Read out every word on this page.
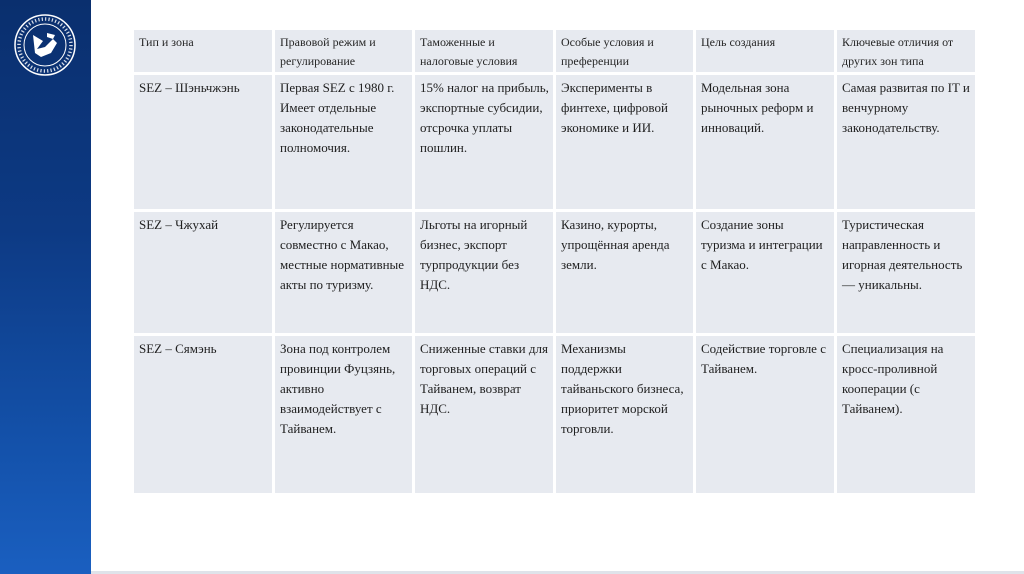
Тип и зона	Правовой режим и регулирование	Таможенные и налоговые условия	Особые условия и преференции	Цель создания	Ключевые отличия от других зон типа
SEZ – Шэньчжэнь	Первая SEZ с 1980 г. Имеет отдельные законодательные полномочия.	15% налог на прибыль, экспортные субсидии, отсрочка уплаты пошлин.	Эксперименты в финтехе, цифровой экономике и ИИ.	Модельная зона рыночных реформ и инноваций.	Самая развитая по IT и венчурному законодательству.
SEZ – Чжухай	Регулируется совместно с Макао, местные нормативные акты по туризму.	Льготы на игорный бизнес, экспорт турпродукции без НДС.	Казино, курорты, упрощённая аренда земли.	Создание зоны туризма и интеграции с Макао.	Туристическая направленность и игорная деятельность — уникальны.
SEZ – Сямэнь	Зона под контролем провинции Фуцзянь, активно взаимодействует с Тайванем.	Сниженные ставки для торговых операций с Тайванем, возврат НДС.	Механизмы поддержки тайваньского бизнеса, приоритет морской торговли.	Содействие торговле с Тайванем.	Специализация на кросс-проливной кооперации (с Тайванем).
